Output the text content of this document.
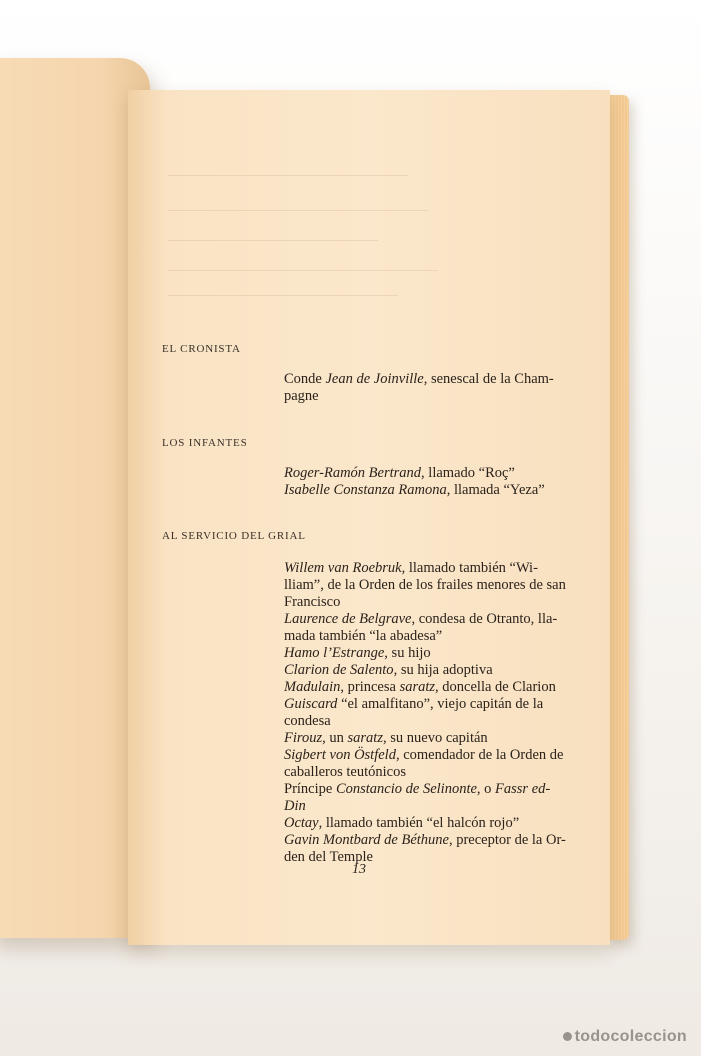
EL CRONISTA
LOS INFANTES
AL SERVICIO DEL GRIAL

Conde Jean de Joinville, senescal de la Cham-
pagne

Roger-Ramón Bertrand, llamado “Roç”
Isabelle Constanza Ramona, llamada “Yeza”

Willem van Roebruk, llamado también “Wi-
lliam”, de la Orden de los frailes menores de san
Francisco
Laurence de Belgrave, condesa de Otranto, lla-
mada también “la abadesa”
Hamo l’Estrange, su hijo
Clarion de Salento, su hija adoptiva
Madulain, princesa saratz, doncella de Clarion
Guiscard “el amalfitano”, viejo capitán de la
condesa
Firouz, un saratz, su nuevo capitán
Sigbert von Östfeld, comendador de la Orden de
caballeros teutónicos
Príncipe Constancio de Selinonte, o Fassr ed-Din
Octay, llamado también “el halcón rojo”
Gavin Montbard de Béthune, preceptor de la Or-
den del Temple

13
todocoleccion
